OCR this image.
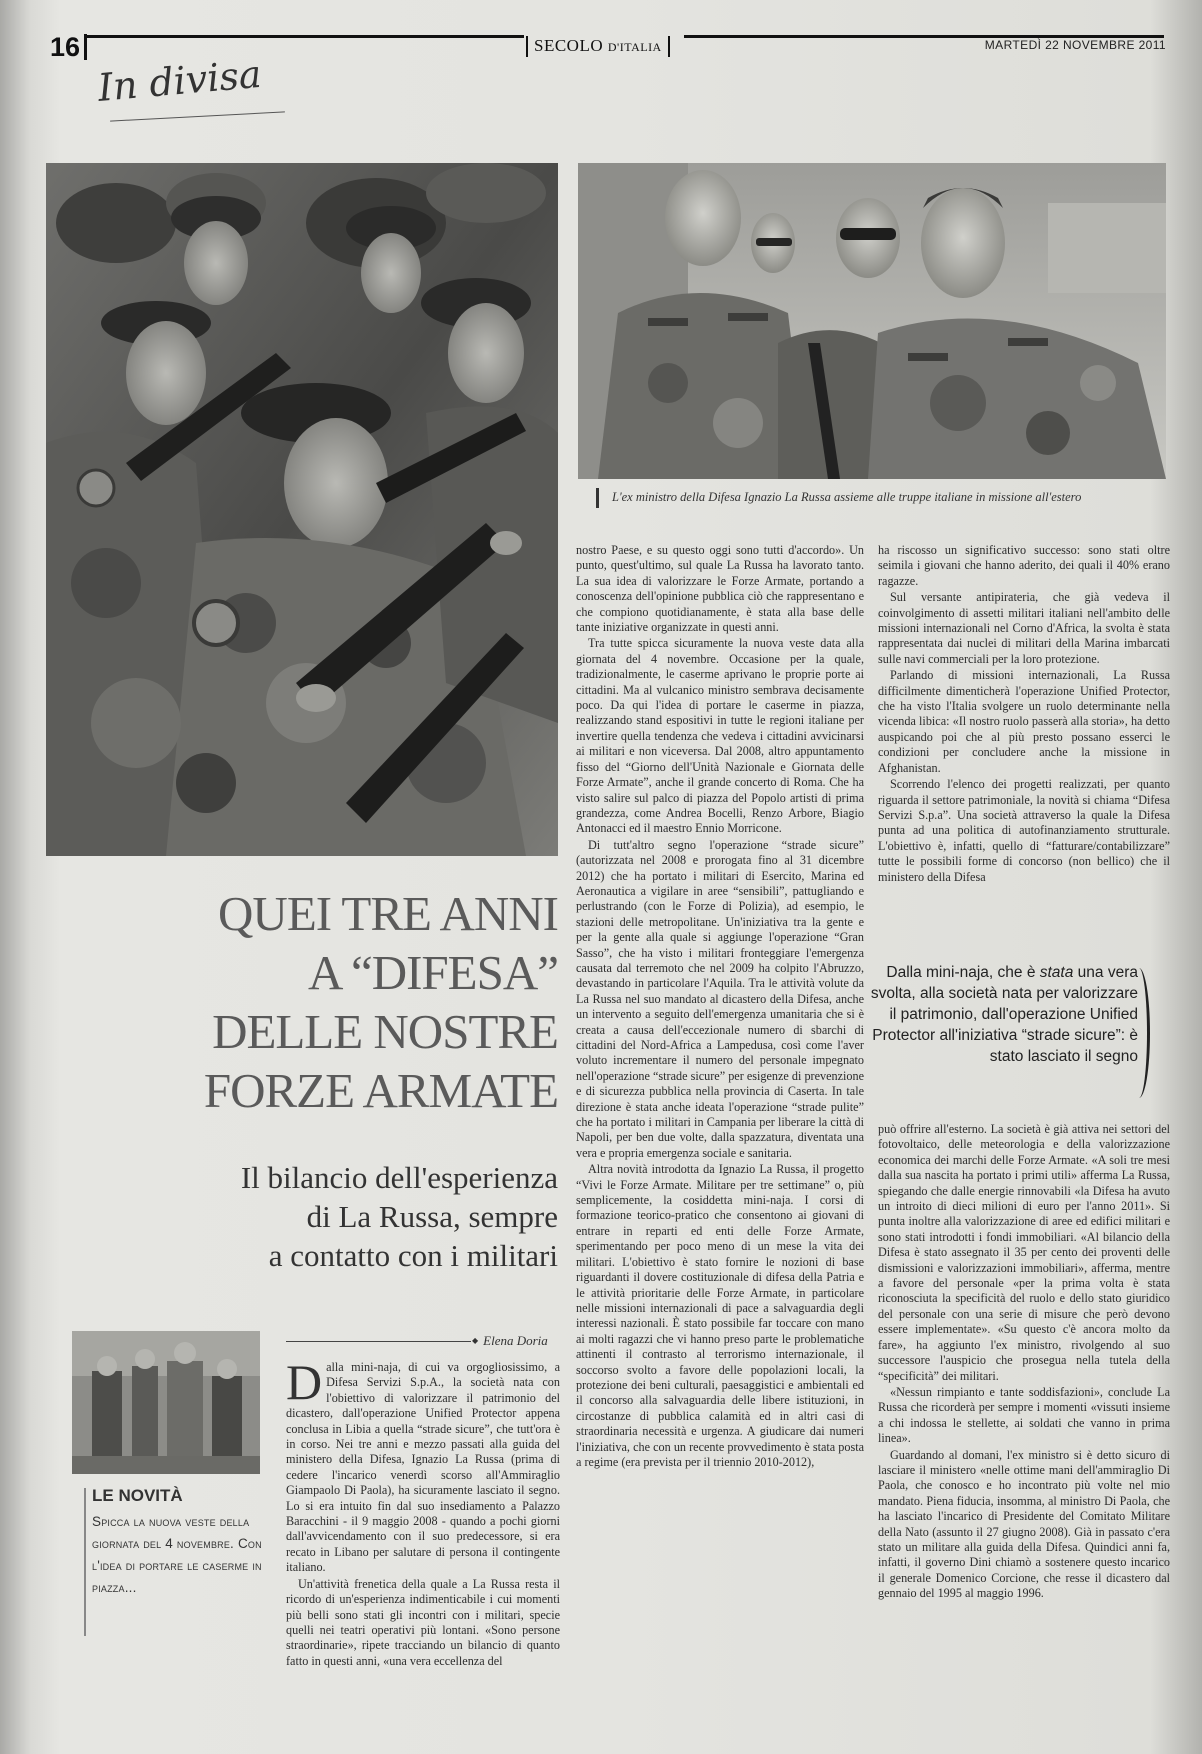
16	SECOLO D'ITALIA	MARTEDÌ 22 NOVEMBRE 2011
In divisa
L'ex ministro della Difesa Ignazio La Russa assieme alle truppe italiane in missione all'estero
QUEI TRE ANNI
A “DIFESA”
DELLE NOSTRE
FORZE ARMATE
Il bilancio dell'esperienza
di La Russa, sempre
a contatto con i militari
◆ Elena Doria
LE NOVITÀ
Spicca la nuova veste della giornata del 4 novembre. Con l'idea di portare le caserme in piazza...
Dalla mini-naja, che è stata una vera svolta, alla società nata per valorizzare il patrimonio, dall'operazione Unified Protector all'iniziativa “strade sicure”: è stato lasciato il segno

Dalla mini-naja, di cui va orgogliosissimo, a Difesa Servizi S.p.A., la società nata con l'obiettivo di valorizzare il patrimonio del dicastero, dall'operazione Unified Protector appena conclusa in Libia a quella “strade sicure”, che tutt'ora è in corso. Nei tre anni e mezzo passati alla guida del ministero della Difesa, Ignazio La Russa (prima di cedere l'incarico venerdì scorso all'Ammiraglio Giampaolo Di Paola), ha sicuramente lasciato il segno. Lo si era intuito fin dal suo insediamento a Palazzo Baracchini - il 9 maggio 2008 - quando a pochi giorni dall'avvicendamento con il suo predecessore, si era recato in Libano per salutare di persona il contingente italiano.

Un'attività frenetica della quale a La Russa resta il ricordo di un'esperienza indimenticabile i cui momenti più belli sono stati gli incontri con i militari, specie quelli nei teatri operativi più lontani. «Sono persone straordinarie», ripete tracciando un bilancio di quanto fatto in questi anni, «una vera eccellenza del

nostro Paese, e su questo oggi sono tutti d'accordo». Un punto, quest'ultimo, sul quale La Russa ha lavorato tanto. La sua idea di valorizzare le Forze Armate, portando a conoscenza dell'opinione pubblica ciò che rappresentano e che compiono quotidianamente, è stata alla base delle tante iniziative organizzate in questi anni.

Tra tutte spicca sicuramente la nuova veste data alla giornata del 4 novembre. Occasione per la quale, tradizionalmente, le caserme aprivano le proprie porte ai cittadini. Ma al vulcanico ministro sembrava decisamente poco. Da qui l'idea di portare le caserme in piazza, realizzando stand espositivi in tutte le regioni italiane per invertire quella tendenza che vedeva i cittadini avvicinarsi ai militari e non viceversa. Dal 2008, altro appuntamento fisso del “Giorno dell'Unità Nazionale e Giornata delle Forze Armate”, anche il grande concerto di Roma. Che ha visto salire sul palco di piazza del Popolo artisti di prima grandezza, come Andrea Bocelli, Renzo Arbore, Biagio Antonacci ed il maestro Ennio Morricone.

Di tutt'altro segno l'operazione “strade sicure” (autorizzata nel 2008 e prorogata fino al 31 dicembre 2012) che ha portato i militari di Esercito, Marina ed Aeronautica a vigilare in aree “sensibili”, pattugliando e perlustrando (con le Forze di Polizia), ad esempio, le stazioni delle metropolitane. Un'iniziativa tra la gente e per la gente alla quale si aggiunge l'operazione “Gran Sasso”, che ha visto i militari fronteggiare l'emergenza causata dal terremoto che nel 2009 ha colpito l'Abruzzo, devastando in particolare l'Aquila. Tra le attività volute da La Russa nel suo mandato al dicastero della Difesa, anche un intervento a seguito dell'emergenza umanitaria che si è creata a causa dell'eccezionale numero di sbarchi di cittadini del Nord-Africa a Lampedusa, così come l'aver voluto incrementare il numero del personale impegnato nell'operazione “strade sicure” per esigenze di prevenzione e di sicurezza pubblica nella provincia di Caserta. In tale direzione è stata anche ideata l'operazione “strade pulite” che ha portato i militari in Campania per liberare la città di Napoli, per ben due volte, dalla spazzatura, diventata una vera e propria emergenza sociale e sanitaria.

Altra novità introdotta da Ignazio La Russa, il progetto “Vivi le Forze Armate. Militare per tre settimane” o, più semplicemente, la cosiddetta mini-naja. I corsi di formazione teorico-pratico che consentono ai giovani di entrare in reparti ed enti delle Forze Armate, sperimentando per poco meno di un mese la vita dei militari. L'obiettivo è stato fornire le nozioni di base riguardanti il dovere costituzionale di difesa della Patria e le attività prioritarie delle Forze Armate, in particolare nelle missioni internazionali di pace a salvaguardia degli interessi nazionali. È stato possibile far toccare con mano ai molti ragazzi che vi hanno preso parte le problematiche attinenti il contrasto al terrorismo internazionale, il soccorso svolto a favore delle popolazioni locali, la protezione dei beni culturali, paesaggistici e ambientali ed il concorso alla salvaguardia delle libere istituzioni, in circostanze di pubblica calamità ed in altri casi di straordinaria necessità e urgenza. A giudicare dai numeri l'iniziativa, che con un recente provvedimento è stata posta a regime (era prevista per il triennio 2010-2012),

ha riscosso un significativo successo: sono stati oltre seimila i giovani che hanno aderito, dei quali il 40% erano ragazze.

Sul versante antipirateria, che già vedeva il coinvolgimento di assetti militari italiani nell'ambito delle missioni internazionali nel Corno d'Africa, la svolta è stata rappresentata dai nuclei di militari della Marina imbarcati sulle navi commerciali per la loro protezione.

Parlando di missioni internazionali, La Russa difficilmente dimenticherà l'operazione Unified Protector, che ha visto l'Italia svolgere un ruolo determinante nella vicenda libica: «Il nostro ruolo passerà alla storia», ha detto auspicando poi che al più presto possano esserci le condizioni per concludere anche la missione in Afghanistan.

Scorrendo l'elenco dei progetti realizzati, per quanto riguarda il settore patrimoniale, la novità si chiama “Difesa Servizi S.p.a”. Una società attraverso la quale la Difesa punta ad una politica di autofinanziamento strutturale. L'obiettivo è, infatti, quello di “fatturare/contabilizzare” tutte le possibili forme di concorso (non bellico) che il ministero della Difesa

può offrire all'esterno. La società è già attiva nei settori del fotovoltaico, delle meteorologia e della valorizzazione economica dei marchi delle Forze Armate. «A soli tre mesi dalla sua nascita ha portato i primi utili» afferma La Russa, spiegando che dalle energie rinnovabili «la Difesa ha avuto un introito di dieci milioni di euro per l'anno 2011». Si punta inoltre alla valorizzazione di aree ed edifici militari e sono stati introdotti i fondi immobiliari. «Al bilancio della Difesa è stato assegnato il 35 per cento dei proventi delle dismissioni e valorizzazioni immobiliari», afferma, mentre a favore del personale «per la prima volta è stata riconosciuta la specificità del ruolo e dello stato giuridico del personale con una serie di misure che però devono essere implementate». «Su questo c'è ancora molto da fare», ha aggiunto l'ex ministro, rivolgendo al suo successore l'auspicio che prosegua nella tutela della “specificità” dei militari.

«Nessun rimpianto e tante soddisfazioni», conclude La Russa che ricorderà per sempre i momenti «vissuti insieme a chi indossa le stellette, ai soldati che vanno in prima linea».

Guardando al domani, l'ex ministro si è detto sicuro di lasciare il ministero «nelle ottime mani dell'ammiraglio Di Paola, che conosco e ho incontrato più volte nel mio mandato. Piena fiducia, insomma, al ministro Di Paola, che ha lasciato l'incarico di Presidente del Comitato Militare della Nato (assunto il 27 giugno 2008). Già in passato c'era stato un militare alla guida della Difesa. Quindici anni fa, infatti, il governo Dini chiamò a sostenere questo incarico il generale Domenico Corcione, che resse il dicastero dal gennaio del 1995 al maggio 1996.
